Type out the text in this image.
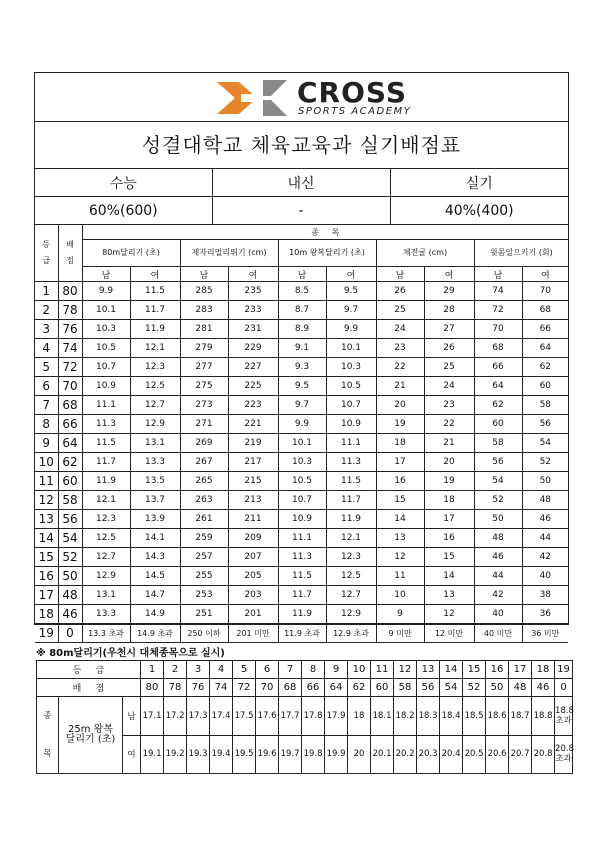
CROSS
SPORTS ACADEMY
성결대학교 체육교육과 실기배점표
수능	내신	실기
60%(600)	-	40%(400)
등급	배점	종     목									
		80m달리기 (초)		제자리멀리뛰기 (cm)		10m 왕복달리기 (초)		체전굴 (cm)		윗몸일으키기 (회)	
		남	여	남	여	남	여	남	여	남	여
1	80	9.9	11.5	285	235	8.5	9.5	26	29	74	70
2	78	10.1	11.7	283	233	8.7	9.7	25	28	72	68
3	76	10.3	11.9	281	231	8.9	9.9	24	27	70	66
4	74	10.5	12.1	279	229	9.1	10.1	23	26	68	64
5	72	10.7	12.3	277	227	9.3	10.3	22	25	66	62
6	70	10.9	12.5	275	225	9.5	10.5	21	24	64	60
7	68	11.1	12.7	273	223	9.7	10.7	20	23	62	58
8	66	11.3	12.9	271	221	9.9	10.9	19	22	60	56
9	64	11.5	13.1	269	219	10.1	11.1	18	21	58	54
10	62	11.7	13.3	267	217	10.3	11.3	17	20	56	52
11	60	11.9	13.5	265	215	10.5	11.5	16	19	54	50
12	58	12.1	13.7	263	213	10.7	11.7	15	18	52	48
13	56	12.3	13.9	261	211	10.9	11.9	14	17	50	46
14	54	12.5	14.1	259	209	11.1	12.1	13	16	48	44
15	52	12.7	14.3	257	207	11.3	12.3	12	15	46	42
16	50	12.9	14.5	255	205	11.5	12.5	11	14	44	40
17	48	13.1	14.7	253	203	11.7	12.7	10	13	42	38
18	46	13.3	14.9	251	201	11.9	12.9	9	12	40	36
19	0	13.3 초과	14.9 초과	250 이하	201 미만	11.9 초과	12.9 초과	9 미만	12 미만	40 미만	36 미만
※ 80m달리기(우천시 대체종목으로 실시)
등     급			1	2	3	4	5	6	7	8	9	10	11	12	13	14	15	16	17	18	19
배     점			80	78	76	74	72	70	68	66	64	62	60	58	56	54	52	50	48	46	0
종
목	25m 왕복달리기 (초)	남	17.1	17.2	17.3	17.4	17.5	17.6	17.7	17.8	17.9	18	18.1	18.2	18.3	18.4	18.5	18.6	18.7	18.8	18.8 초과
		여	19.1	19.2	19.3	19.4	19.5	19.6	19.7	19.8	19.9	20	20.1	20.2	20.3	20.4	20.5	20.6	20.7	20.8	20.8 초과
